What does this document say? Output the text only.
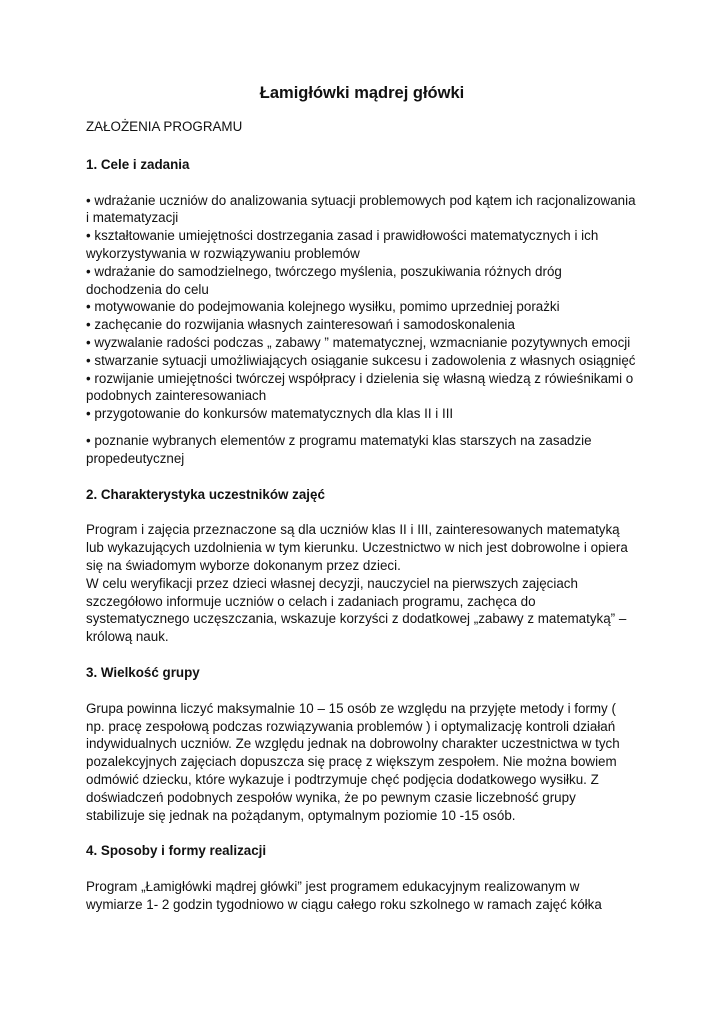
Łamigłówki mądrej główki
ZAŁOŻENIA PROGRAMU
1. Cele i zadania
• wdrażanie uczniów do analizowania sytuacji problemowych pod kątem ich racjonalizowania i matematyzacji
• kształtowanie umiejętności dostrzegania zasad i prawidłowości matematycznych i ich wykorzystywania w rozwiązywaniu problemów
• wdrażanie do samodzielnego, twórczego myślenia, poszukiwania różnych dróg dochodzenia do celu
• motywowanie do podejmowania kolejnego wysiłku, pomimo uprzedniej porażki
• zachęcanie do rozwijania własnych zainteresowań i samodoskonalenia
• wyzwalanie radości podczas „ zabawy ” matematycznej, wzmacnianie pozytywnych emocji
• stwarzanie sytuacji umożliwiających osiąganie sukcesu i zadowolenia z własnych osiągnięć
• rozwijanie umiejętności twórczej współpracy i dzielenia się własną wiedzą z rówieśnikami o podobnych zainteresowaniach
• przygotowanie do konkursów matematycznych dla klas II i III
• poznanie wybranych elementów z programu matematyki klas starszych na zasadzie propedeutycznej
2. Charakterystyka uczestników zajęć

Program i zajęcia przeznaczone są dla uczniów klas II i III, zainteresowanych matematyką lub wykazujących uzdolnienia w tym kierunku. Uczestnictwo w nich jest dobrowolne i opiera się na świadomym wyborze dokonanym przez dzieci.

W celu weryfikacji przez dzieci własnej decyzji, nauczyciel na pierwszych zajęciach szczegółowo informuje uczniów o celach i zadaniach programu, zachęca do systematycznego uczęszczania, wskazuje korzyści z dodatkowej „zabawy z matematyką” – królową nauk.

3. Wielkość grupy

Grupa powinna liczyć maksymalnie 10 – 15 osób ze względu na przyjęte metody i formy ( np. pracę zespołową podczas rozwiązywania problemów ) i optymalizację kontroli działań indywidualnych uczniów. Ze względu jednak na dobrowolny charakter uczestnictwa w tych pozalekcyjnych zajęciach dopuszcza się pracę z większym zespołem. Nie można bowiem odmówić dziecku, które wykazuje i podtrzymuje chęć podjęcia dodatkowego wysiłku. Z doświadczeń podobnych zespołów wynika, że po pewnym czasie liczebność grupy stabilizuje się jednak na pożądanym, optymalnym poziomie 10 -15 osób.

4. Sposoby i formy realizacji

Program „Łamigłówki mądrej główki” jest programem edukacyjnym realizowanym w wymiarze 1- 2 godzin tygodniowo w ciągu całego roku szkolnego w ramach zajęć kółka
